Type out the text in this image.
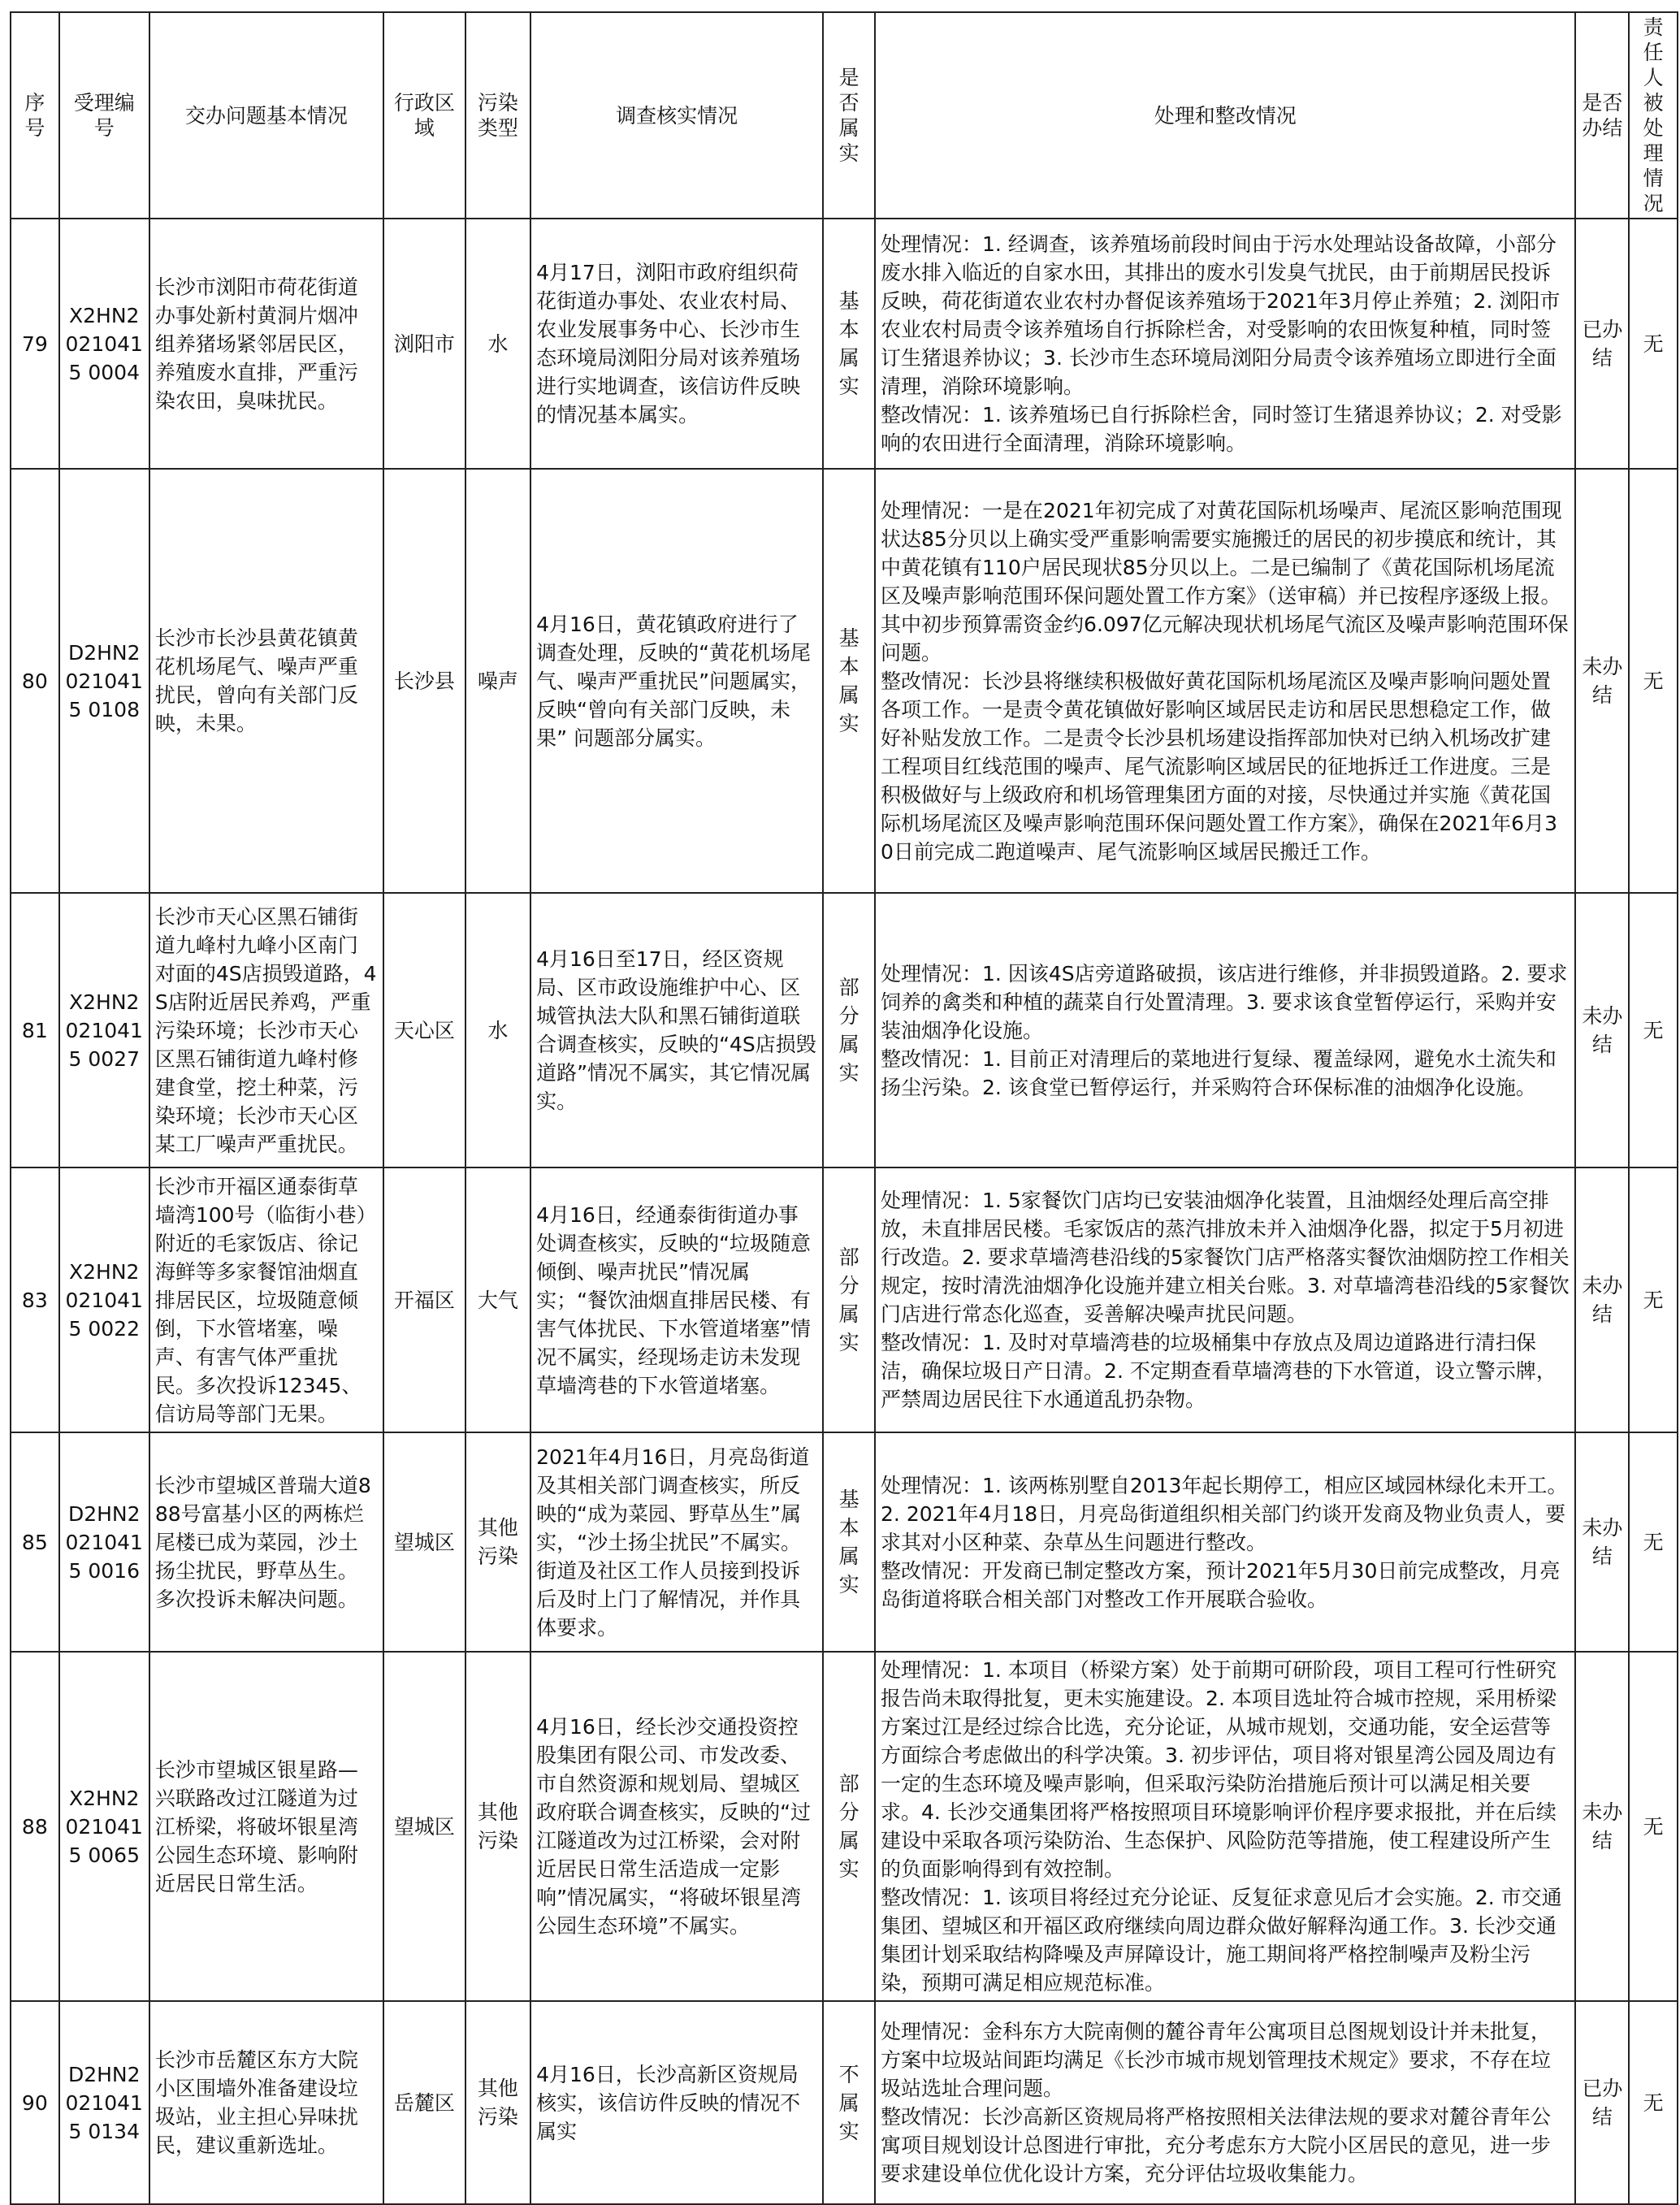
序号	受理编号	交办问题基本情况	行政区域	污染类型	调查核实情况	是否属实	处理和整改情况	是否办结	责任人被处理情况
79	X2HN20210415 0004	长沙市浏阳市荷花街道办事处新村黄洞片烟冲组养猪场紧邻居民区，养殖废水直排，严重污染农田，臭味扰民。	浏阳市	水	4月17日，浏阳市政府组织荷花街道办事处、农业农村局、农业发展事务中心、长沙市生态环境局浏阳分局对该养殖场进行实地调查，该信访件反映的情况基本属实。	基本属实	处理情况：1. 经调查，该养殖场前段时间由于污水处理站设备故障，小部分废水排入临近的自家水田，其排出的废水引发臭气扰民，由于前期居民投诉反映，荷花街道农业农村办督促该养殖场于2021年3月停止养殖；2. 浏阳市农业农村局责令该养殖场自行拆除栏舍，对受影响的农田恢复种植，同时签订生猪退养协议；3. 长沙市生态环境局浏阳分局责令该养殖场立即进行全面清理，消除环境影响。
整改情况：1. 该养殖场已自行拆除栏舍，同时签订生猪退养协议；2. 对受影响的农田进行全面清理，消除环境影响。	已办结	无
80	D2HN20210415 0108	长沙市长沙县黄花镇黄花机场尾气、噪声严重扰民，曾向有关部门反映，未果。	长沙县	噪声	4月16日，黄花镇政府进行了调查处理，反映的“黄花机场尾气、噪声严重扰民”问题属实，反映“曾向有关部门反映，未果” 问题部分属实。	基本属实	处理情况：一是在2021年初完成了对黄花国际机场噪声、尾流区影响范围现状达85分贝以上确实受严重影响需要实施搬迁的居民的初步摸底和统计，其中黄花镇有110户居民现状85分贝以上。二是已编制了《黄花国际机场尾流区及噪声影响范围环保问题处置工作方案》（送审稿）并已按程序逐级上报。其中初步预算需资金约6.097亿元解决现状机场尾气流区及噪声影响范围环保问题。
整改情况：长沙县将继续积极做好黄花国际机场尾流区及噪声影响问题处置各项工作。一是责令黄花镇做好影响区域居民走访和居民思想稳定工作，做好补贴发放工作。二是责令长沙县机场建设指挥部加快对已纳入机场改扩建工程项目红线范围的噪声、尾气流影响区域居民的征地拆迁工作进度。三是积极做好与上级政府和机场管理集团方面的对接，尽快通过并实施《黄花国际机场尾流区及噪声影响范围环保问题处置工作方案》，确保在2021年6月30日前完成二跑道噪声、尾气流影响区域居民搬迁工作。	未办结	无
81	X2HN20210415 0027	长沙市天心区黑石铺街道九峰村九峰小区南门对面的4S店损毁道路，4S店附近居民养鸡，严重污染环境；长沙市天心区黑石铺街道九峰村修建食堂，挖土种菜，污染环境；长沙市天心区某工厂噪声严重扰民。	天心区	水	4月16日至17日，经区资规局、区市政设施维护中心、区城管执法大队和黑石铺街道联合调查核实，反映的“4S店损毁道路”情况不属实，其它情况属实。	部分属实	处理情况：1. 因该4S店旁道路破损，该店进行维修，并非损毁道路。2. 要求饲养的禽类和种植的蔬菜自行处置清理。3. 要求该食堂暂停运行，采购并安装油烟净化设施。
整改情况：1. 目前正对清理后的菜地进行复绿、覆盖绿网，避免水土流失和扬尘污染。2. 该食堂已暂停运行，并采购符合环保标准的油烟净化设施。	未办结	无
83	X2HN20210415 0022	长沙市开福区通泰街草墙湾100号（临街小巷）附近的毛家饭店、徐记海鲜等多家餐馆油烟直排居民区，垃圾随意倾倒，下水管堵塞，噪声、有害气体严重扰民。多次投诉12345、信访局等部门无果。	开福区	大气	4月16日，经通泰街街道办事处调查核实，反映的“垃圾随意倾倒、噪声扰民”情况属实；“餐饮油烟直排居民楼、有害气体扰民、下水管道堵塞”情况不属实，经现场走访未发现草墙湾巷的下水管道堵塞。	部分属实	处理情况：1. 5家餐饮门店均已安装油烟净化装置，且油烟经处理后高空排放，未直排居民楼。毛家饭店的蒸汽排放未并入油烟净化器，拟定于5月初进行改造。2. 要求草墙湾巷沿线的5家餐饮门店严格落实餐饮油烟防控工作相关规定，按时清洗油烟净化设施并建立相关台账。3. 对草墙湾巷沿线的5家餐饮门店进行常态化巡查，妥善解决噪声扰民问题。
整改情况：1. 及时对草墙湾巷的垃圾桶集中存放点及周边道路进行清扫保洁，确保垃圾日产日清。2. 不定期查看草墙湾巷的下水管道，设立警示牌，严禁周边居民往下水通道乱扔杂物。	未办结	无
85	D2HN20210415 0016	长沙市望城区普瑞大道888号富基小区的两栋烂尾楼已成为菜园，沙土扬尘扰民，野草丛生。多次投诉未解决问题。	望城区	其他污染	2021年4月16日，月亮岛街道及其相关部门调查核实，所反映的“成为菜园、野草丛生”属实，“沙土扬尘扰民”不属实。街道及社区工作人员接到投诉后及时上门了解情况，并作具体要求。	基本属实	处理情况：1. 该两栋别墅自2013年起长期停工，相应区域园林绿化未开工。2. 2021年4月18日，月亮岛街道组织相关部门约谈开发商及物业负责人，要求其对小区种菜、杂草丛生问题进行整改。
整改情况：开发商已制定整改方案，预计2021年5月30日前完成整改，月亮岛街道将联合相关部门对整改工作开展联合验收。	未办结	无
88	X2HN20210415 0065	长沙市望城区银星路—兴联路改过江隧道为过江桥梁，将破坏银星湾公园生态环境、影响附近居民日常生活。	望城区	其他污染	4月16日，经长沙交通投资控股集团有限公司、市发改委、市自然资源和规划局、望城区政府联合调查核实，反映的“过江隧道改为过江桥梁，会对附近居民日常生活造成一定影响”情况属实，“将破坏银星湾公园生态环境”不属实。	部分属实	处理情况：1. 本项目（桥梁方案）处于前期可研阶段，项目工程可行性研究报告尚未取得批复，更未实施建设。2. 本项目选址符合城市控规，采用桥梁方案过江是经过综合比选，充分论证，从城市规划，交通功能，安全运营等方面综合考虑做出的科学决策。3. 初步评估，项目将对银星湾公园及周边有一定的生态环境及噪声影响，但采取污染防治措施后预计可以满足相关要求。4. 长沙交通集团将严格按照项目环境影响评价程序要求报批，并在后续建设中采取各项污染防治、生态保护、风险防范等措施，使工程建设所产生的负面影响得到有效控制。
整改情况：1. 该项目将经过充分论证、反复征求意见后才会实施。2. 市交通集团、望城区和开福区政府继续向周边群众做好解释沟通工作。3. 长沙交通集团计划采取结构降噪及声屏障设计，施工期间将严格控制噪声及粉尘污染，预期可满足相应规范标准。	未办结	无
90	D2HN20210415 0134	长沙市岳麓区东方大院小区围墙外准备建设垃圾站，业主担心异味扰民，建议重新选址。	岳麓区	其他污染	4月16日，长沙高新区资规局核实，该信访件反映的情况不属实	不属实	处理情况：金科东方大院南侧的麓谷青年公寓项目总图规划设计并未批复，方案中垃圾站间距均满足《长沙市城市规划管理技术规定》要求，不存在垃圾站选址合理问题。
整改情况：长沙高新区资规局将严格按照相关法律法规的要求对麓谷青年公寓项目规划设计总图进行审批，充分考虑东方大院小区居民的意见，进一步要求建设单位优化设计方案，充分评估垃圾收集能力。	已办结	无
